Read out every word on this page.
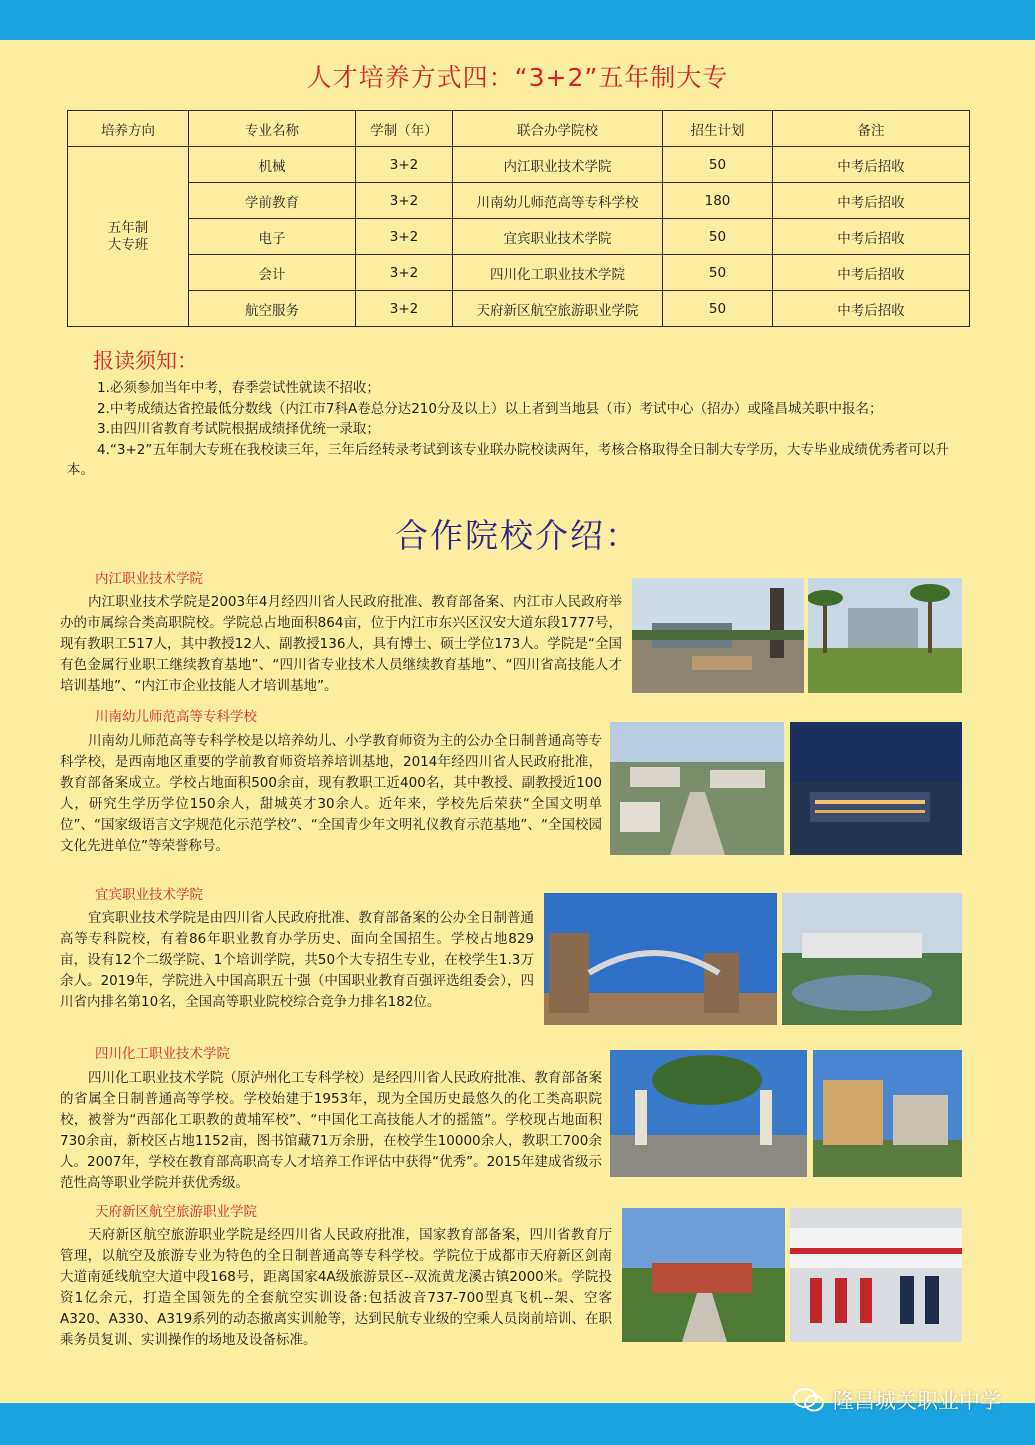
人才培养方式四：“3+2”五年制大专
培养方向	专业名称	学制（年）	联合办学院校	招生计划	备注
五年制
大专班	机械	3+2	内江职业技术学院	50	中考后招收
	学前教育	3+2	川南幼儿师范高等专科学校	180	中考后招收
	电子	3+2	宜宾职业技术学院	50	中考后招收
	会计	3+2	四川化工职业技术学院	50	中考后招收
	航空服务	3+2	天府新区航空旅游职业学院	50	中考后招收
报读须知：

1.必须参加当年中考，春季尝试性就读不招收；

2.中考成绩达省控最低分数线（内江市7科A卷总分达210分及以上）以上者到当地县（市）考试中心（招办）或隆昌城关职中报名；

3.由四川省教育考试院根据成绩择优统一录取；

4.“3+2”五年制大专班在我校读三年，三年后经转录考试到该专业联办院校读两年，考核合格取得全日制大专学历，大专毕业成绩优秀者可以升本。

合作院校介绍：
内江职业技术学院

内江职业技术学院是2003年4月经四川省人民政府批准、教育部备案、内江市人民政府举办的市属综合类高职院校。学院总占地面积864亩，位于内江市东兴区汉安大道东段1777号，现有教职工517人，其中教授12人、副教授136人，具有博士、硕士学位173人。学院是“全国有色金属行业职工继续教育基地”、“四川省专业技术人员继续教育基地”、“四川省高技能人才培训基地”、“内江市企业技能人才培训基地”。

川南幼儿师范高等专科学校

川南幼儿师范高等专科学校是以培养幼儿、小学教育师资为主的公办全日制普通高等专科学校，是西南地区重要的学前教育师资培养培训基地，2014年经四川省人民政府批准，教育部备案成立。学校占地面积500余亩，现有教职工近400名，其中教授、副教授近100人，研究生学历学位150余人，甜城英才30余人。近年来，学校先后荣获“全国文明单位”、“国家级语言文字规范化示范学校”、“全国青少年文明礼仪教育示范基地”、“全国校园文化先进单位”等荣誉称号。

宜宾职业技术学院

宜宾职业技术学院是由四川省人民政府批准、教育部备案的公办全日制普通高等专科院校，有着86年职业教育办学历史、面向全国招生。学校占地829亩，设有12个二级学院、1个培训学院，共50个大专招生专业，在校学生1.3万余人。2019年，学院进入中国高职五十强（中国职业教育百强评选组委会），四川省内排名第10名，全国高等职业院校综合竞争力排名182位。

四川化工职业技术学院

四川化工职业技术学院（原泸州化工专科学校）是经四川省人民政府批准、教育部备案的省属全日制普通高等学校。学校始建于1953年，现为全国历史最悠久的化工类高职院校，被誉为“西部化工职教的黄埔军校”、“中国化工高技能人才的摇篮”。学校现占地面积730余亩，新校区占地1152亩，图书馆藏71万余册，在校学生10000余人，教职工700余人。2007年，学校在教育部高职高专人才培养工作评估中获得“优秀”。2015年建成省级示范性高等职业学院并获优秀级。

天府新区航空旅游职业学院

天府新区航空旅游职业学院是经四川省人民政府批准，国家教育部备案，四川省教育厅管理，以航空及旅游专业为特色的全日制普通高等专科学校。学院位于成都市天府新区剑南大道南延线航空大道中段168号，距离国家4A级旅游景区--双流黄龙溪古镇2000米。学院投资1亿余元，打造全国领先的全套航空实训设备:包括波音737-700型真飞机--架、空客A320、A330、A319系列的动态撤离实训舱等，达到民航专业级的空乘人员岗前培训、在职乘务员复训、实训操作的场地及设备标准。

隆昌城关职业中学
